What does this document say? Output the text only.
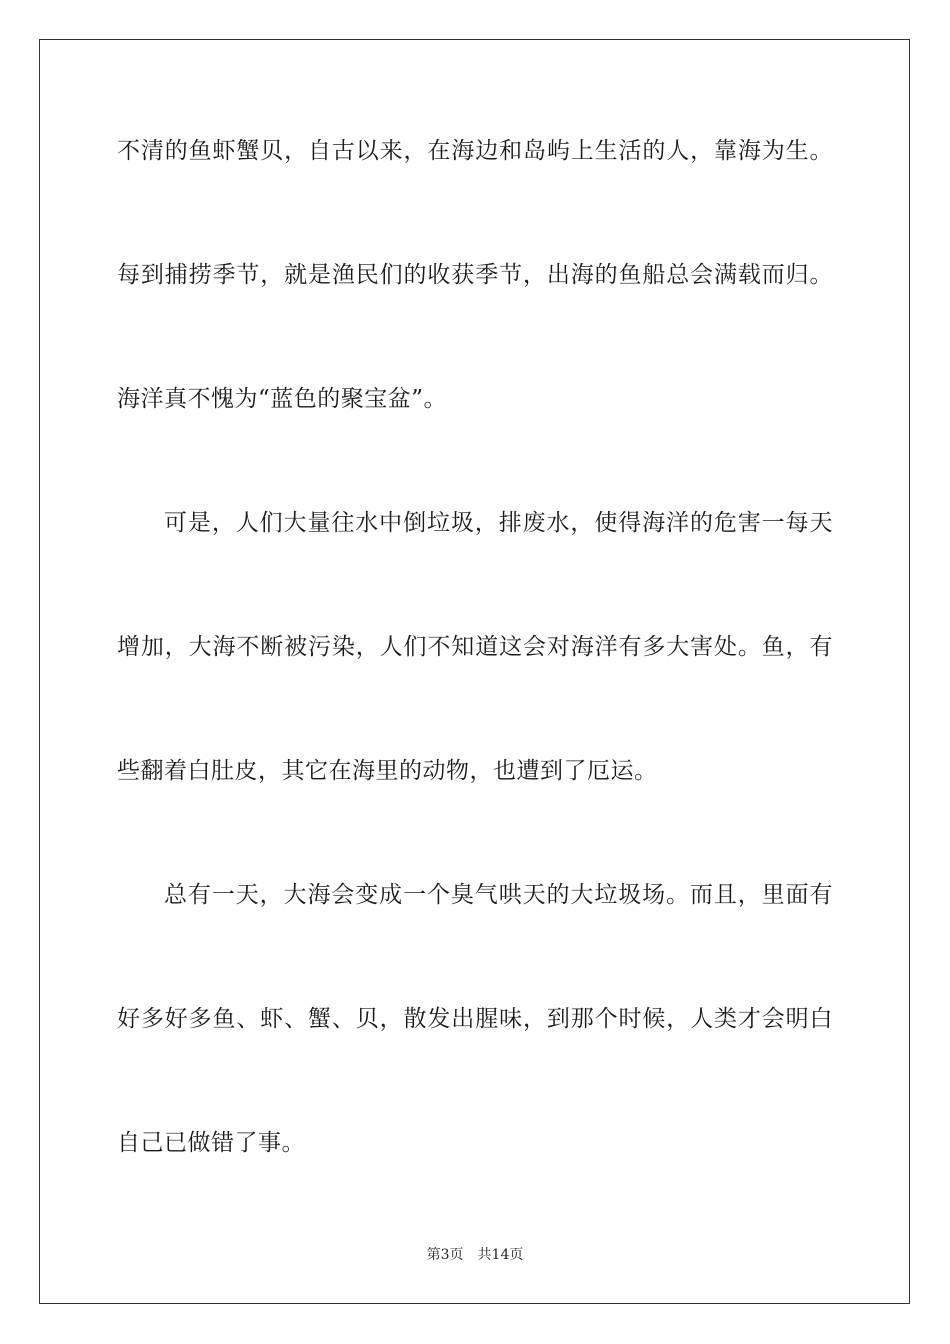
不清的鱼虾蟹贝，自古以来，在海边和岛屿上生活的人，靠海为生。
每到捕捞季节，就是渔民们的收获季节，出海的鱼船总会满载而归。
海洋真不愧为“蓝色的聚宝盆”。
可是，人们大量往水中倒垃圾，排废水，使得海洋的危害一每天
增加，大海不断被污染，人们不知道这会对海洋有多大害处。鱼，有
些翻着白肚皮，其它在海里的动物，也遭到了厄运。
总有一天，大海会变成一个臭气哄天的大垃圾场。而且，里面有
好多好多鱼、虾、蟹、贝，散发出腥味，到那个时候，人类才会明白
自己已做错了事。
第3页 共14页
